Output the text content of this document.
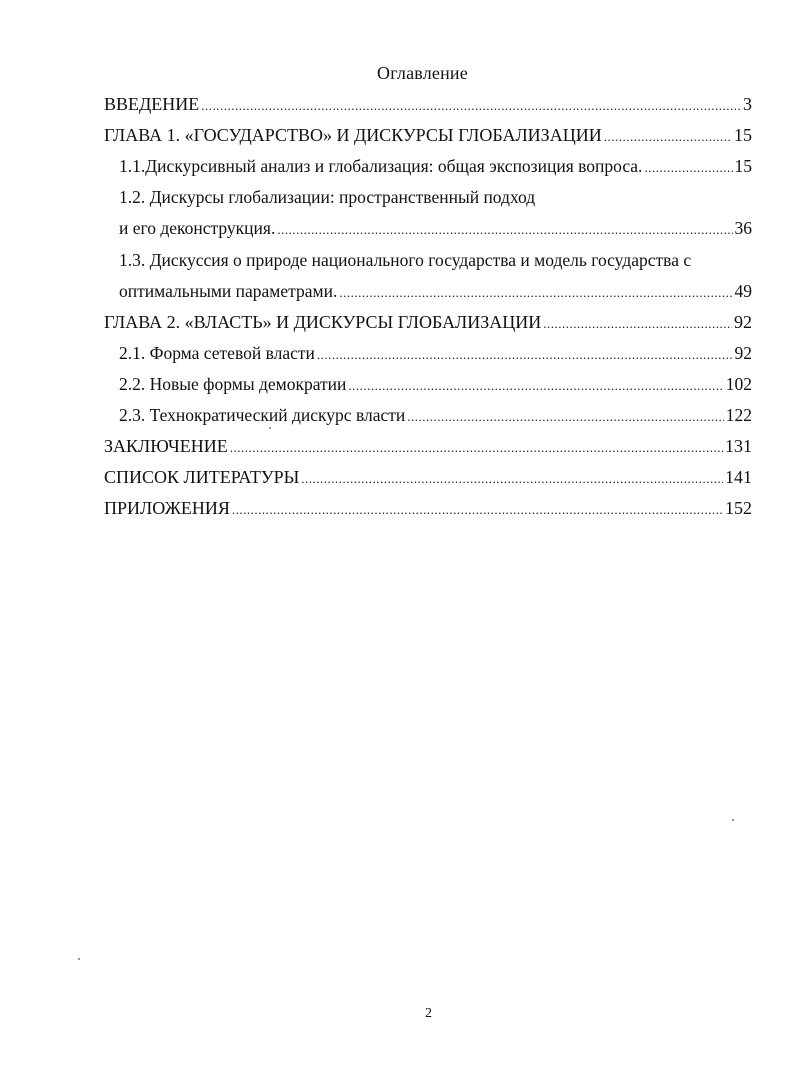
Оглавление
ВВЕДЕНИЕ .....	3
ГЛАВА 1. «ГОСУДАРСТВО» И ДИСКУРСЫ ГЛОБАЛИЗАЦИИ .....	15
1.1.Дискурсивный анализ и глобализация: общая экспозиция вопроса. .....	15
1.2. Дискурсы глобализации: пространственный подход
и его деконструкция. .....	36
1.3. Дискуссия о природе национального государства и модель государства с
оптимальными параметрами. .....	49
ГЛАВА 2. «ВЛАСТЬ» И ДИСКУРСЫ ГЛОБАЛИЗАЦИИ .....	92
2.1. Форма сетевой власти .....	92
2.2. Новые формы демократии .....	102
2.3. Технократический дискурс власти .....	122
ЗАКЛЮЧЕНИЕ .....	131
СПИСОК ЛИТЕРАТУРЫ .....	141
ПРИЛОЖЕНИЯ .....	152
2
